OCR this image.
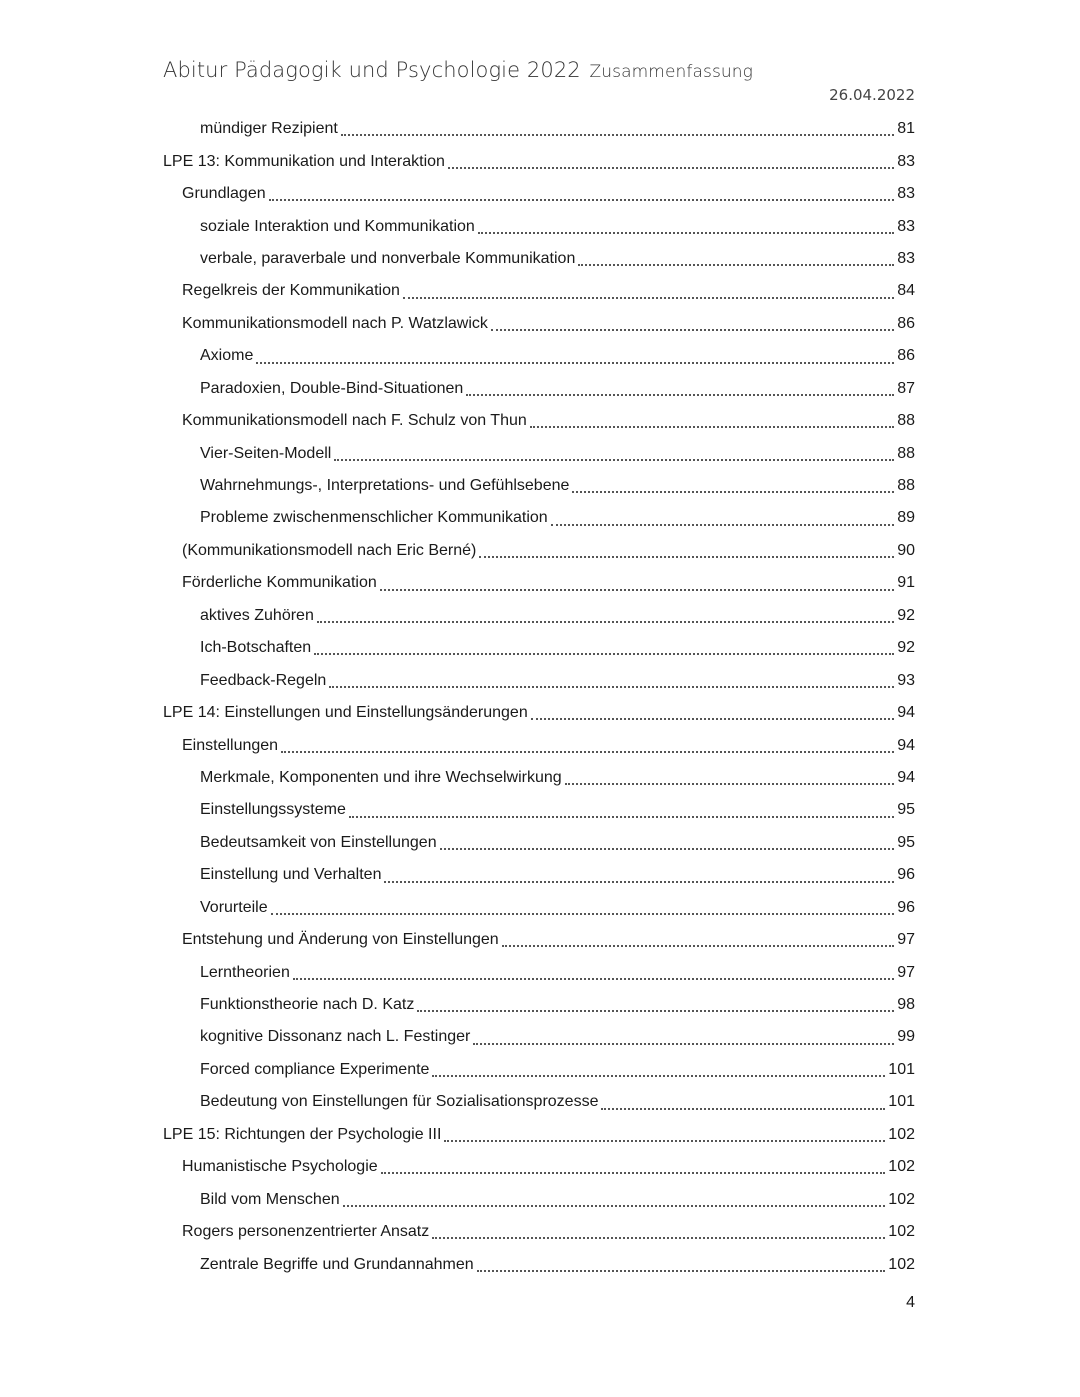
Abitur Pädagogik und Psychologie 2022 Zusammenfassung
26.04.2022
mündiger Rezipient	81
LPE 13: Kommunikation und Interaktion	83
Grundlagen	83
soziale Interaktion und Kommunikation	83
verbale, paraverbale und nonverbale Kommunikation	83
Regelkreis der Kommunikation	84
Kommunikationsmodell nach P. Watzlawick	86
Axiome	86
Paradoxien, Double-Bind-Situationen	87
Kommunikationsmodell nach F. Schulz von Thun	88
Vier-Seiten-Modell	88
Wahrnehmungs-, Interpretations- und Gefühlsebene	88
Probleme zwischenmenschlicher Kommunikation	89
(Kommunikationsmodell nach Eric Berné)	90
Förderliche Kommunikation	91
aktives Zuhören	92
Ich-Botschaften	92
Feedback-Regeln	93
LPE 14: Einstellungen und Einstellungsänderungen	94
Einstellungen	94
Merkmale, Komponenten und ihre Wechselwirkung	94
Einstellungssysteme	95
Bedeutsamkeit von Einstellungen	95
Einstellung und Verhalten	96
Vorurteile	96
Entstehung und Änderung von Einstellungen	97
Lerntheorien	97
Funktionstheorie nach D. Katz	98
kognitive Dissonanz nach L. Festinger	99
Forced compliance Experimente	101
Bedeutung von Einstellungen für Sozialisationsprozesse	101
LPE 15: Richtungen der Psychologie III	102
Humanistische Psychologie	102
Bild vom Menschen	102
Rogers personenzentrierter Ansatz	102
Zentrale Begriffe und Grundannahmen	102
4
